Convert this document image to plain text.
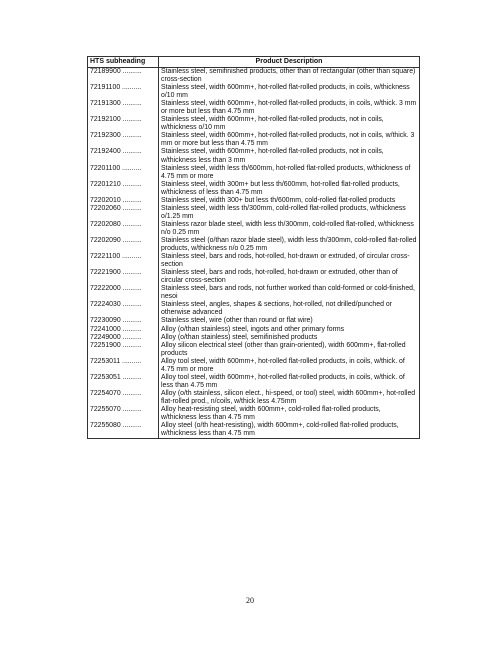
HTS subheading	Product Description
72189900 ..........	Stainless steel, semifinished products, other than of rectangular (other than square) cross-section
72191100 ..........	Stainless steel, width 600mm+, hot-rolled flat-rolled products, in coils, w/thickness o/10 mm
72191300 ..........	Stainless steel, width 600mm+, hot-rolled flat-rolled products, in coils, w/thick. 3 mm or more but less than 4.75 mm
72192100 ..........	Stainless steel, width 600mm+, hot-rolled flat-rolled products, not in coils, w/thickness o/10 mm
72192300 ..........	Stainless steel, width 600mm+, hot-rolled flat-rolled products, not in coils, w/thick. 3 mm or more but less than 4.75 mm
72192400 ..........	Stainless steel, width 600mm+, hot-rolled flat-rolled products, not in coils, w/thickness less than 3 mm
72201100 ..........	Stainless steel, width less th/600mm, hot-rolled flat-rolled products, w/thickness of 4.75 mm or more
72201210 ..........	Stainless steel, width 300m+ but less th/600mm, hot-rolled flat-rolled products, w/thickness of less than 4.75 mm
72202010 ..........	Stainless steel, width 300+ but less th/600mm, cold-rolled flat-rolled products
72202060 ..........	Stainless steel, width less th/300mm, cold-rolled flat-rolled products, w/thickness o/1.25 mm
72202080 ..........	Stainless razor blade steel, width less th/300mm, cold-rolled flat-rolled, w/thickness n/o 0.25 mm
72202090 ..........	Stainless steel (o/than razor blade steel), width less th/300mm, cold-rolled flat-rolled products, w/thickness n/o 0.25 mm
72221100 ..........	Stainless steel, bars and rods, hot-rolled, hot-drawn or extruded, of circular cross-section
72221900 ..........	Stainless steel, bars and rods, hot-rolled, hot-drawn or extruded, other than of circular cross-section
72222000 ..........	Stainless steel, bars and rods, not further worked than cold-formed or cold-finished, nesoi
72224030 ..........	Stainless steel, angles, shapes & sections, hot-rolled, not drilled/punched or otherwise advanced
72230090 ..........	Stainless steel, wire (other than round or flat wire)
72241000 ..........	Alloy (o/than stainless) steel, ingots and other primary forms
72249000 ..........	Alloy (o/than stainless) steel, semifinished products
72251900 ..........	Alloy silicon electrical steel (other than grain-oriented), width 600mm+, flat-rolled products
72253011 ..........	Alloy tool steel, width 600mm+, hot-rolled flat-rolled products, in coils, w/thick. of 4.75 mm or more
72253051 ..........	Alloy tool steel, width 600mm+, hot-rolled flat-rolled products, in coils, w/thick. of less than 4.75 mm
72254070 ..........	Alloy (o/th stainless, silicon elect., hi-speed, or tool) steel, width 600mm+, hot-rolled flat-rolled prod., n/coils, w/thick less 4.75mm
72255070 ..........	Alloy heat-resisting steel, width 600mm+, cold-rolled flat-rolled products, w/thickness less than 4.75 mm
72255080 ..........	Alloy steel (o/th heat-resisting), width 600mm+, cold-rolled flat-rolled products, w/thickness less than 4.75 mm
20
